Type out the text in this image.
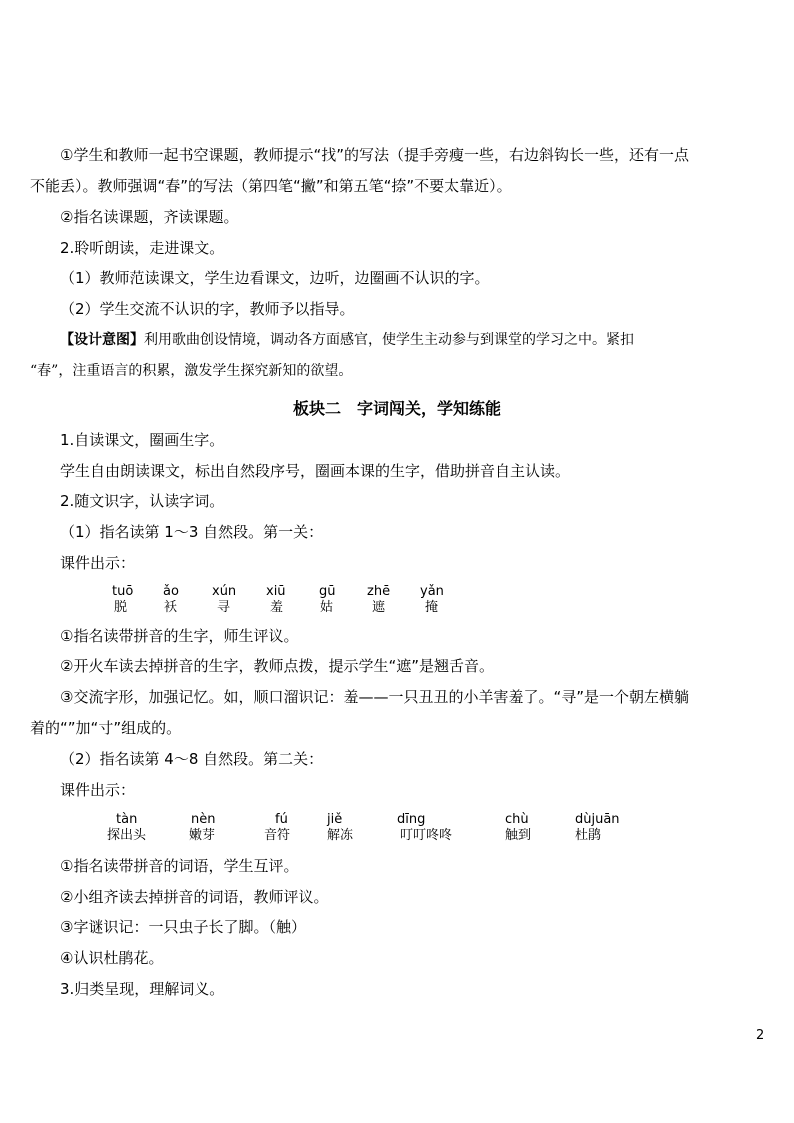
①学生和教师一起书空课题，教师提示“找”的写法（提手旁瘦一些，右边斜钩长一些，还有一点
不能丢）。教师强调“春”的写法（第四笔“撇”和第五笔“捺”不要太靠近）。
②指名读课题，齐读课题。
2.聆听朗读，走进课文。
（1）教师范读课文，学生边看课文，边听，边圈画不认识的字。
（2）学生交流不认识的字，教师予以指导。
【设计意图】利用歌曲创设情境，调动各方面感官，使学生主动参与到课堂的学习之中。紧扣
“春”，注重语言的积累，激发学生探究新知的欲望。
板块二　字词闯关，学知练能
1.自读课文，圈画生字。
学生自由朗读课文，标出自然段序号，圈画本课的生字，借助拼音自主认读。
2.随文识字，认读字词。
（1）指名读第 1～3 自然段。第一关：
课件出示：
tuō
脱
ǎo
袄
xún
寻
xiū
羞
gū
姑
zhē
遮
yǎn
掩
①指名读带拼音的生字，师生评议。
②开火车读去掉拼音的生字，教师点拨，提示学生“遮”是翘舌音。
③交流字形，加强记忆。如，顺口溜识记：羞——一只丑丑的小羊害羞了。“寻”是一个朝左横躺
着的“”加“寸”组成的。
（2）指名读第 4～8 自然段。第二关：
课件出示：
tàn
探出头
nèn
嫩芽
fú
音符
jiě
解冻
dīng
叮叮咚咚
chù
触到
dùjuān
杜鹃
①指名读带拼音的词语，学生互评。
②小组齐读去掉拼音的词语，教师评议。
③字谜识记：一只虫子长了脚。（触）
④认识杜鹃花。
3.归类呈现，理解词义。
2
